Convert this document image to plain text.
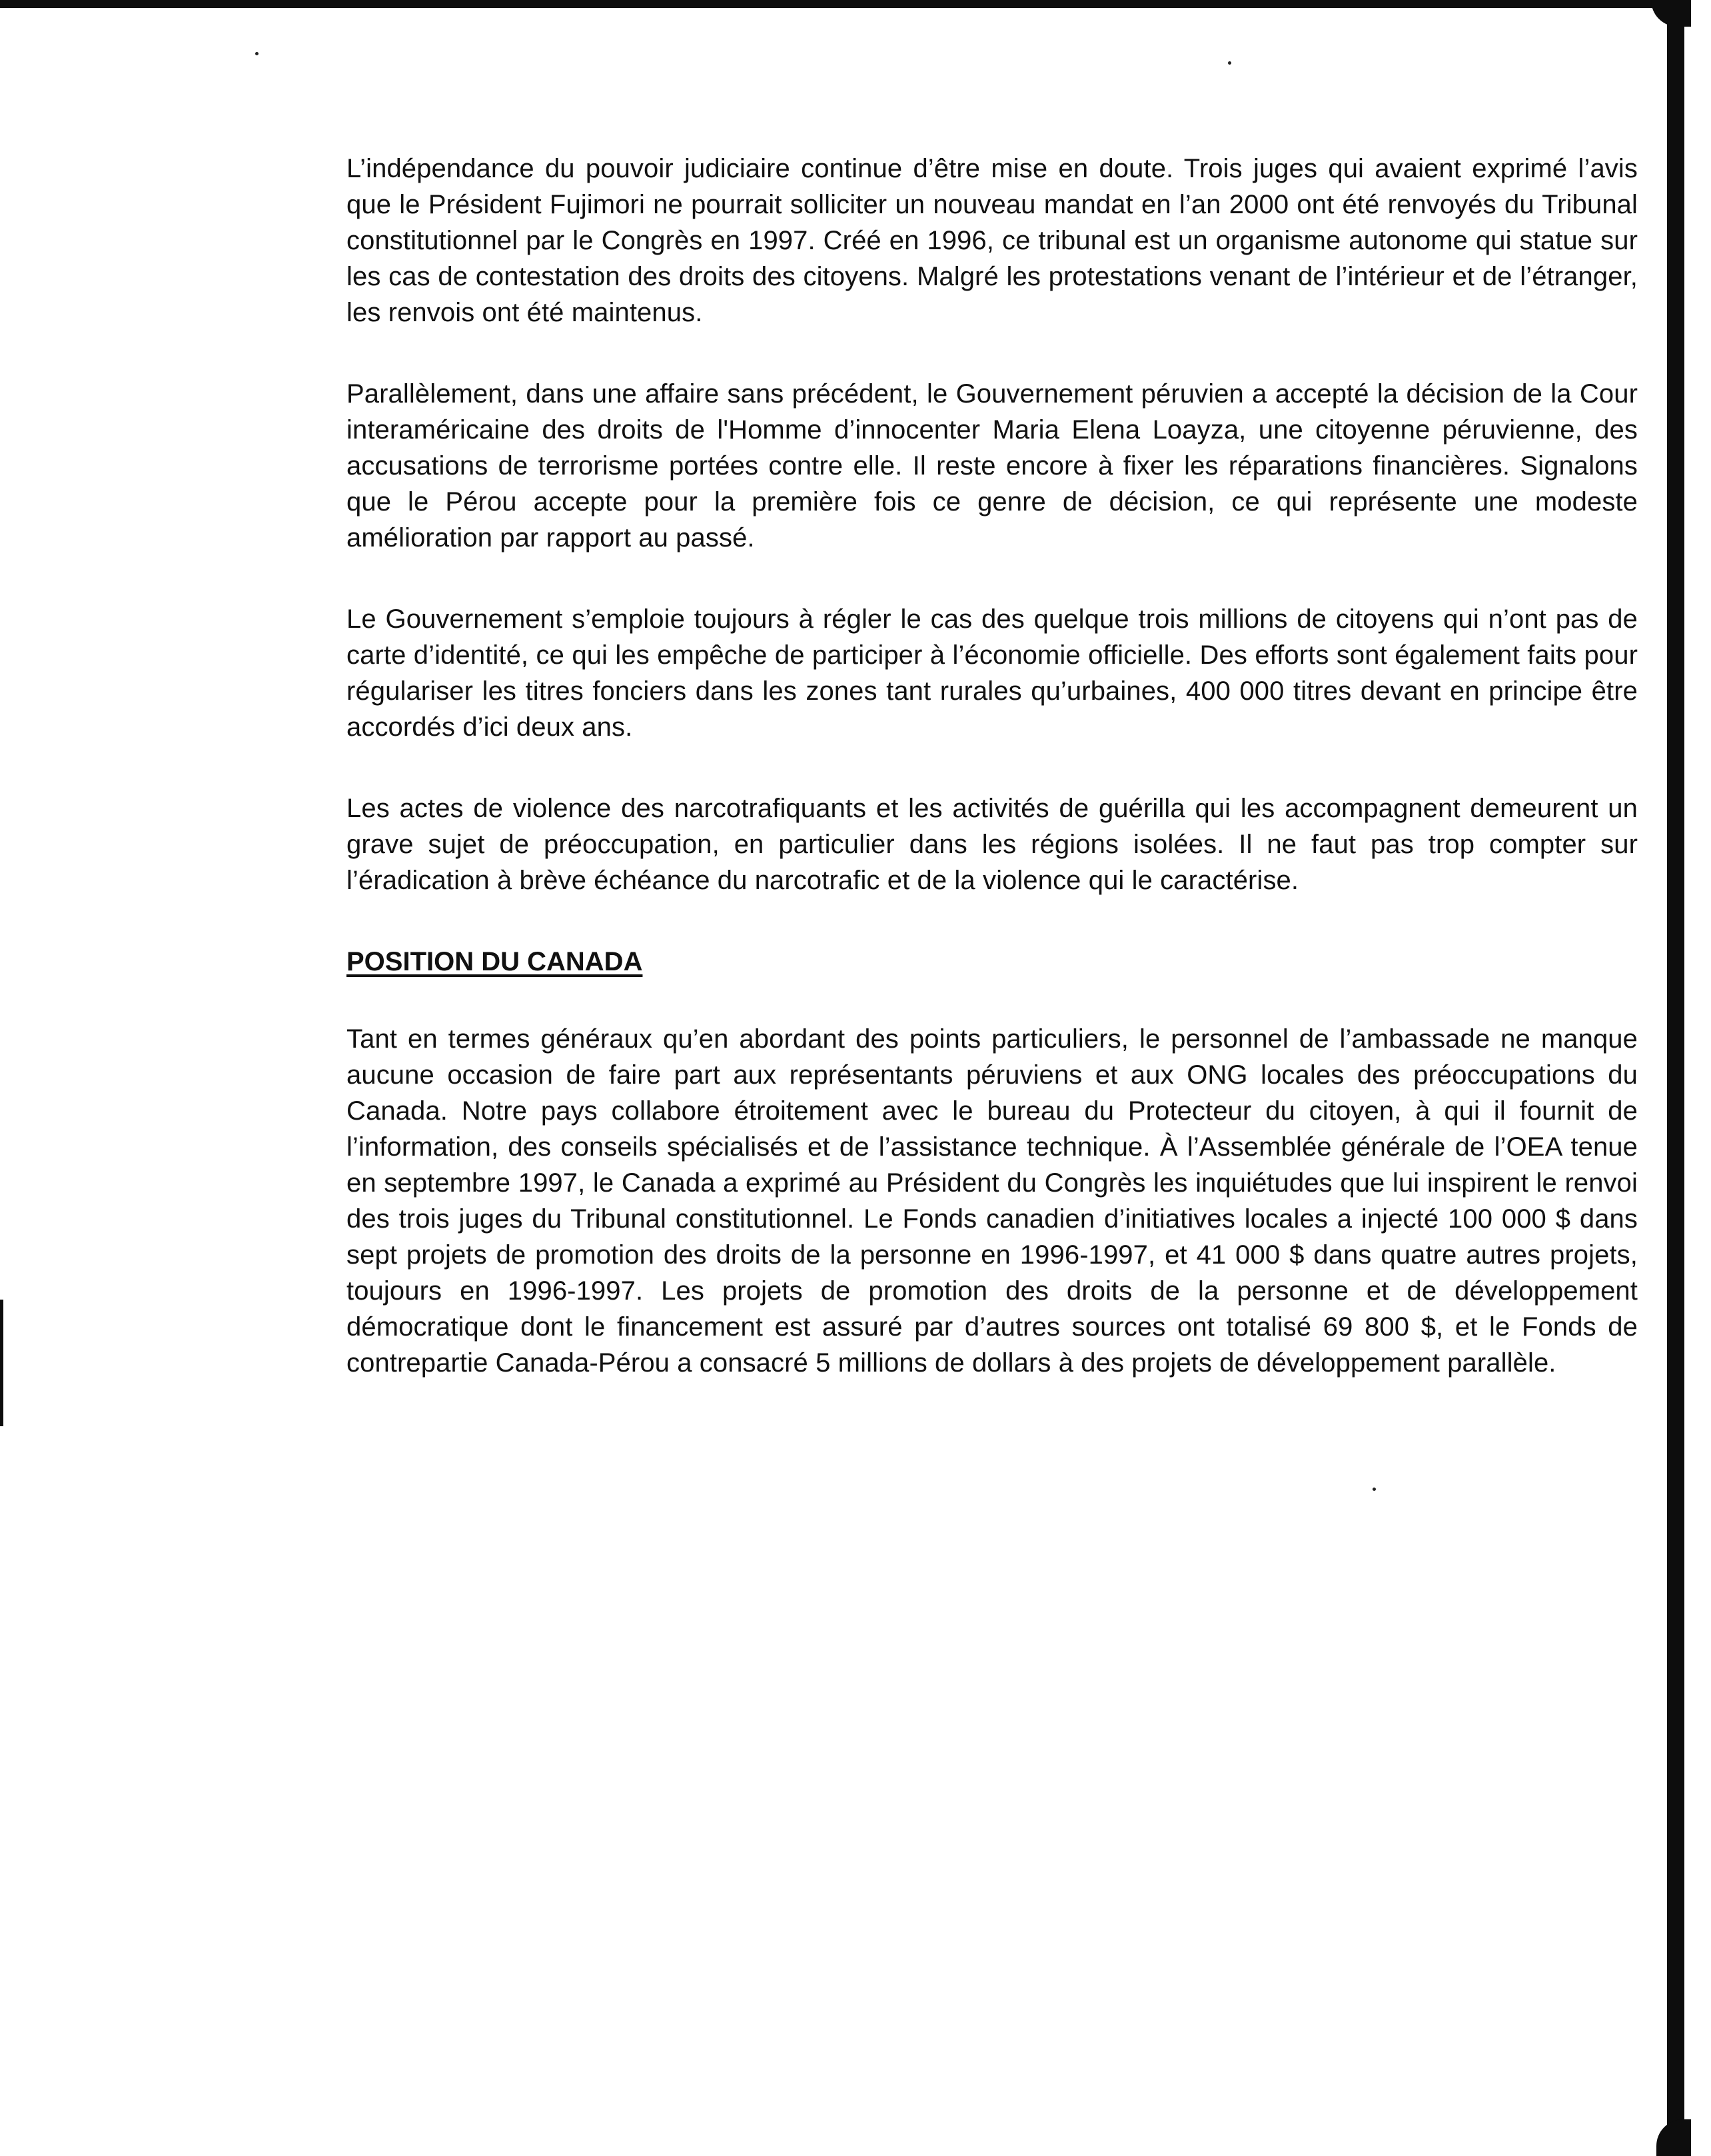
L’indépendance du pouvoir judiciaire continue d’être mise en doute. Trois juges qui avaient exprimé l’avis que le Président Fujimori ne pourrait solliciter un nouveau mandat en l’an 2000 ont été renvoyés du Tribunal constitutionnel par le Congrès en 1997. Créé en 1996, ce tribunal est un organisme autonome qui statue sur les cas de contestation des droits des citoyens. Malgré les protestations venant de l’intérieur et de l’étranger, les renvois ont été maintenus.

Parallèlement, dans une affaire sans précédent, le Gouvernement péruvien a accepté la décision de la Cour interaméricaine des droits de l'Homme d’innocenter Maria Elena Loayza, une citoyenne péruvienne, des accusations de terrorisme portées contre elle. Il reste encore à fixer les réparations financières. Signalons que le Pérou accepte pour la première fois ce genre de décision, ce qui représente une modeste amélioration par rapport au passé.

Le Gouvernement s’emploie toujours à régler le cas des quelque trois millions de citoyens qui n’ont pas de carte d’identité, ce qui les empêche de participer à l’économie officielle. Des efforts sont également faits pour régulariser les titres fonciers dans les zones tant rurales qu’urbaines, 400 000 titres devant en principe être accordés d’ici deux ans.

Les actes de violence des narcotrafiquants et les activités de guérilla qui les accompagnent demeurent un grave sujet de préoccupation, en particulier dans les régions isolées. Il ne faut pas trop compter sur l’éradication à brève échéance du narcotrafic et de la violence qui le caractérise.

POSITION DU CANADA

Tant en termes généraux qu’en abordant des points particuliers, le personnel de l’ambassade ne manque aucune occasion de faire part aux représentants péruviens et aux ONG locales des préoccupations du Canada. Notre pays collabore étroitement avec le bureau du Protecteur du citoyen, à qui il fournit de l’information, des conseils spécialisés et de l’assistance technique. À l’Assemblée générale de l’OEA tenue en septembre 1997, le Canada a exprimé au Président du Congrès les inquiétudes que lui inspirent le renvoi des trois juges du Tribunal constitutionnel. Le Fonds canadien d’initiatives locales a injecté 100 000 $ dans sept projets de promotion des droits de la personne en 1996-1997, et 41 000 $ dans quatre autres projets, toujours en 1996-1997. Les projets de promotion des droits de la personne et de développement démocratique dont le financement est assuré par d’autres sources ont totalisé 69 800 $, et le Fonds de contrepartie Canada-Pérou a consacré 5 millions de dollars à des projets de développement parallèle.
